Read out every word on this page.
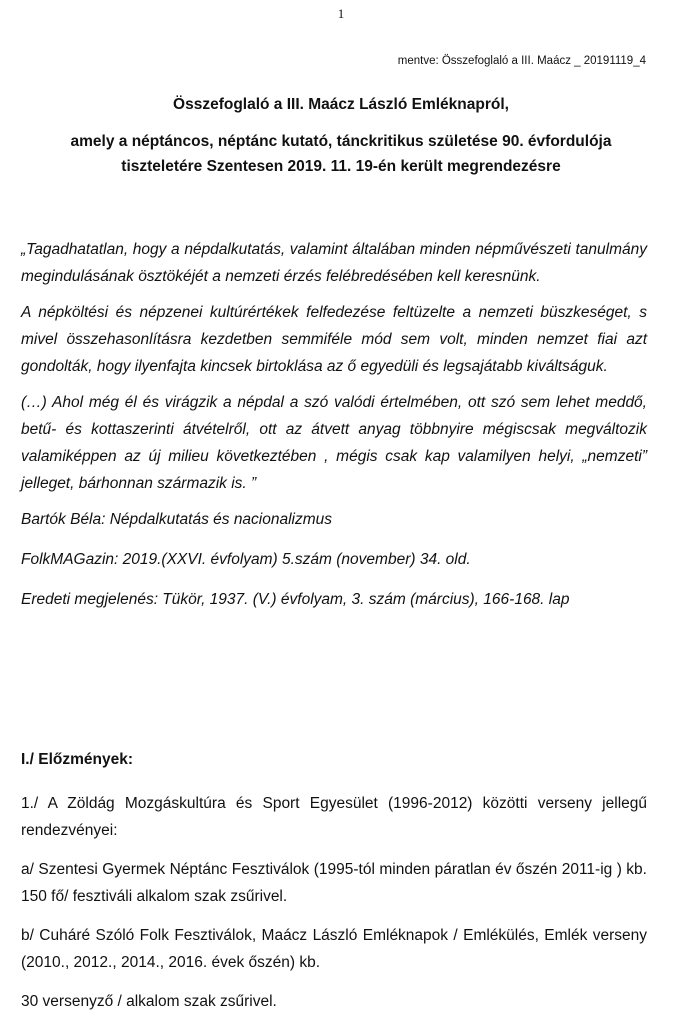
1
mentve: Összefoglaló a III. Maácz _ 20191119_4
Összefoglaló a III. Maácz László Emléknapról,
amely a néptáncos, néptánc kutató, tánckritikus születése 90. évfordulója
tiszteletére Szentesen 2019. 11. 19-én került megrendezésre

„Tagadhatatlan, hogy a népdalkutatás, valamint általában minden népművészeti tanulmány megindulásának ösztökéjét a nemzeti érzés felébredésében kell keresnünk.

A népköltési és népzenei kultúrértékek felfedezése feltüzelte a nemzeti büszkeséget, s mivel összehasonlításra kezdetben semmiféle mód sem volt, minden nemzet fiai azt gondolták, hogy ilyenfajta kincsek birtoklása az ő egyedüli és legsajátabb kiváltságuk.

(…) Ahol még él és virágzik a népdal a szó valódi értelmében, ott szó sem lehet meddő, betű- és kottaszerinti átvételről, ott az átvett anyag többnyire mégiscsak megváltozik valamiképpen az új milieu következtében , mégis csak kap valamilyen helyi, „nemzeti” jelleget, bárhonnan származik is. ”

Bartók Béla: Népdalkutatás és nacionalizmus

FolkMAGazin: 2019.(XXVI. évfolyam) 5.szám (november) 34. old.

Eredeti megjelenés: Tükör, 1937. (V.) évfolyam, 3. szám (március), 166-168. lap

I./ Előzmények:

1./ A Zöldág Mozgáskultúra és Sport Egyesület (1996-2012) közötti verseny jellegű rendezvényei:

a/ Szentesi Gyermek Néptánc Fesztiválok (1995-tól minden páratlan év őszén 2011-ig ) kb. 150 fő/ fesztiváli alkalom szak zsűrivel.

b/ Cuháré Szóló Folk Fesztiválok, Maácz László Emléknapok / Emlékülés, Emlék verseny (2010., 2012., 2014., 2016. évek őszén) kb.

30 versenyző / alkalom szak zsűrivel.
